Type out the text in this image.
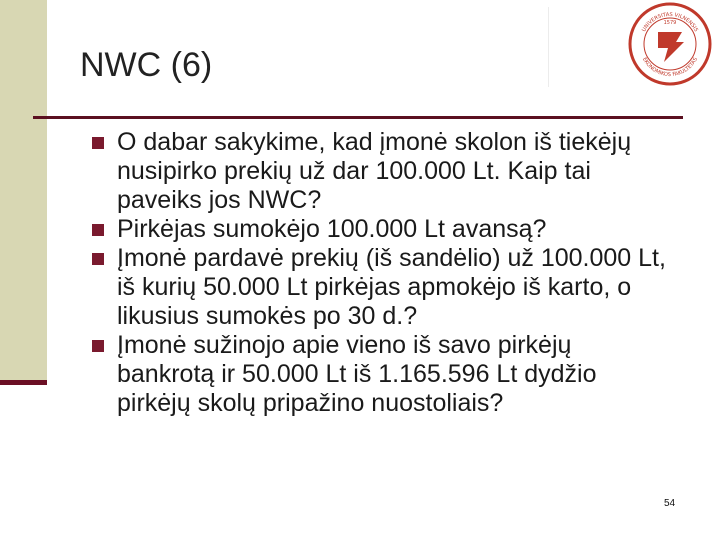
NWC (6)
UNIVERSITAS VILNENSIS
1579
EKONOMIKOS FAKULTETAS

O dabar sakykime, kad įmonė skolon iš tiekėjų nusipirko prekių už dar 100.000 Lt. Kaip tai paveiks jos NWC?

Pirkėjas sumokėjo 100.000 Lt avansą?

Įmonė pardavė prekių (iš sandėlio) už 100.000 Lt, iš kurių 50.000 Lt pirkėjas apmokėjo iš karto, o likusius sumokės po 30 d.?

Įmonė sužinojo apie vieno iš savo pirkėjų bankrotą ir 50.000 Lt iš 1.165.596 Lt dydžio pirkėjų skolų pripažino nuostoliais?

54
